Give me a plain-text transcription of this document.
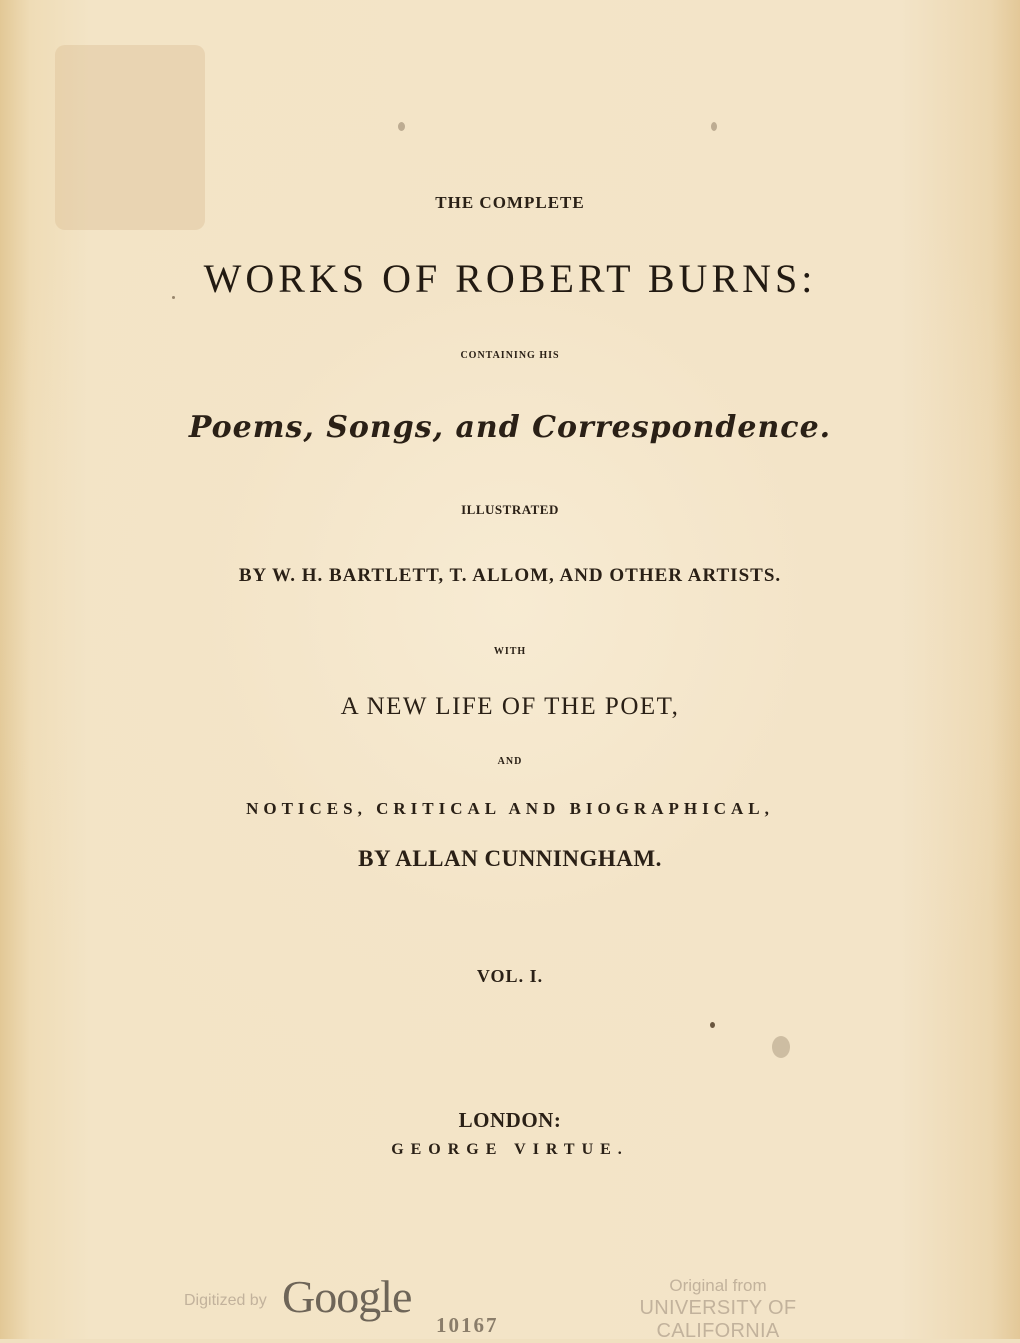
THE COMPLETE

WORKS OF ROBERT BURNS:

CONTAINING HIS

Poems, Songs, and Correspondence.

ILLUSTRATED

BY W. H. BARTLETT, T. ALLOM, AND OTHER ARTISTS.

WITH

A NEW LIFE OF THE POET,

AND

NOTICES, CRITICAL AND BIOGRAPHICAL,

BY ALLAN CUNNINGHAM.

VOL. I.

LONDON:

GEORGE VIRTUE.

Digitized by Google
10167
Original from
UNIVERSITY OF CALIFORNIA
